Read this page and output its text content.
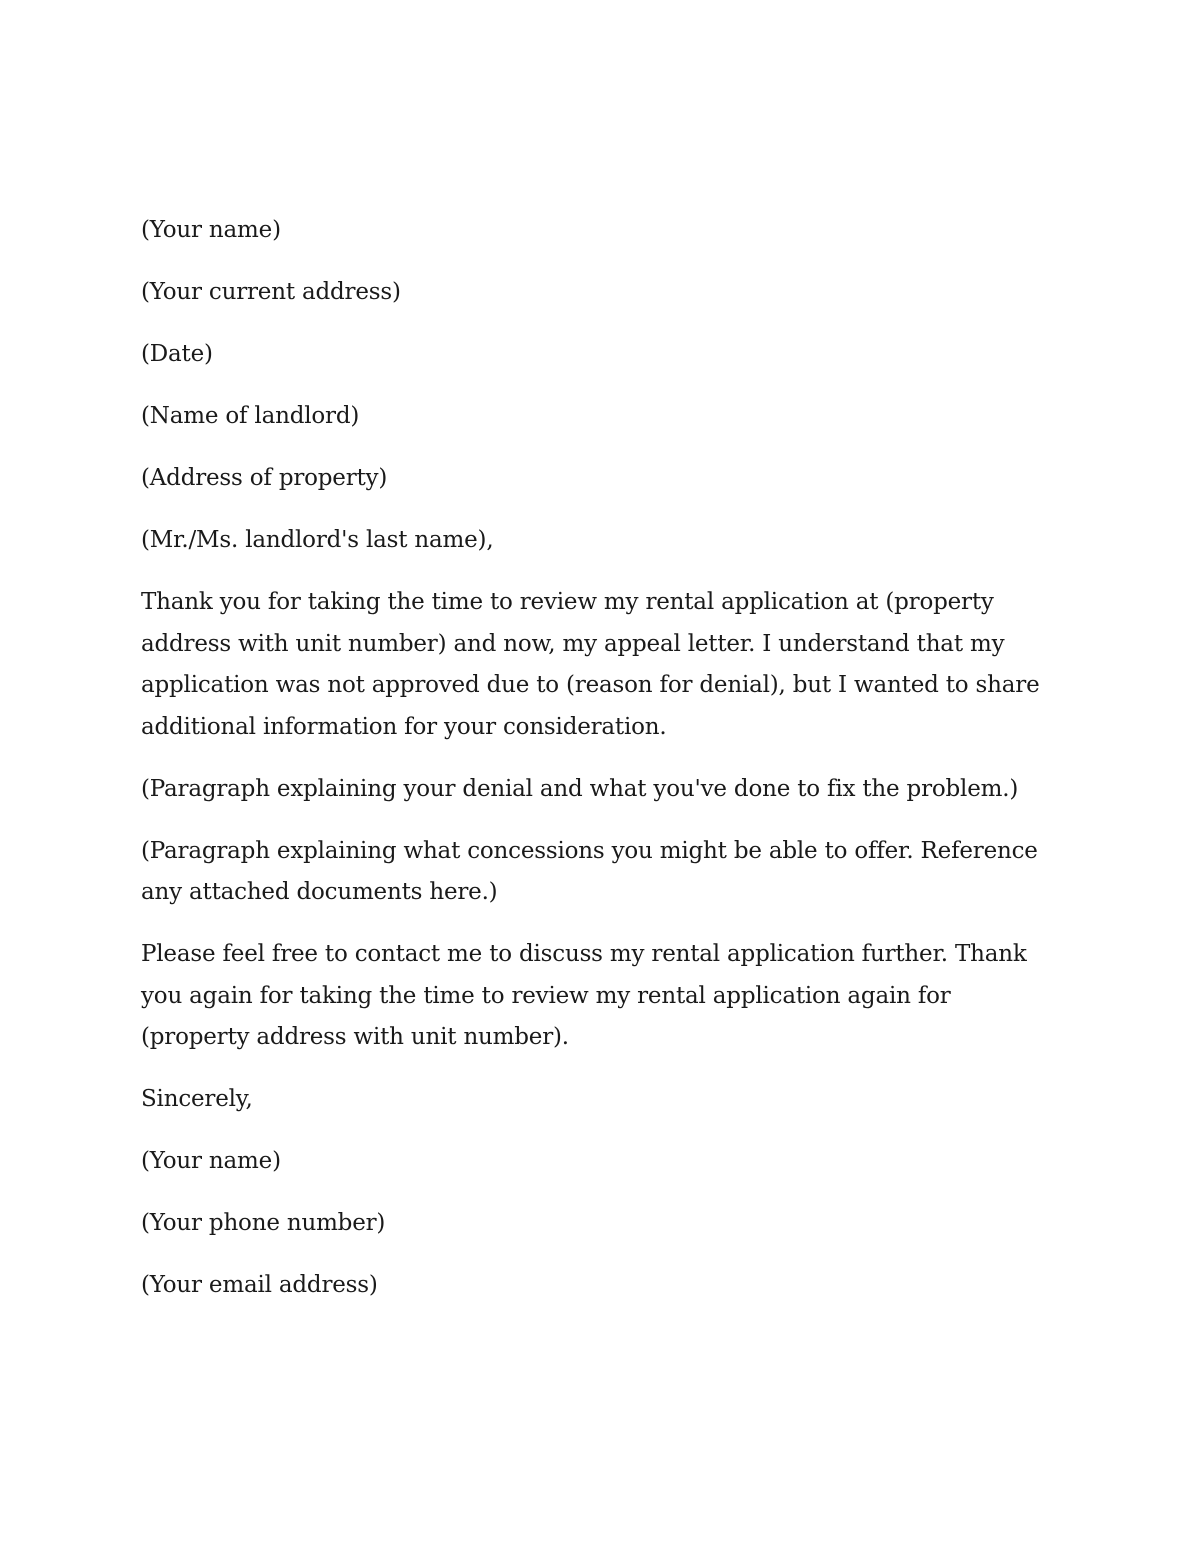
(Your name)
(Your current address)
(Date)
(Name of landlord)
(Address of property)
(Mr./Ms. landlord's last name),
Thank you for taking the time to review my rental application at (property
address with unit number) and now, my appeal letter. I understand that my
application was not approved due to (reason for denial), but I wanted to share
additional information for your consideration.
(Paragraph explaining your denial and what you've done to fix the problem.)
(Paragraph explaining what concessions you might be able to offer. Reference
any attached documents here.)
Please feel free to contact me to discuss my rental application further. Thank
you again for taking the time to review my rental application again for
(property address with unit number).
Sincerely,
(Your name)
(Your phone number)
(Your email address)
